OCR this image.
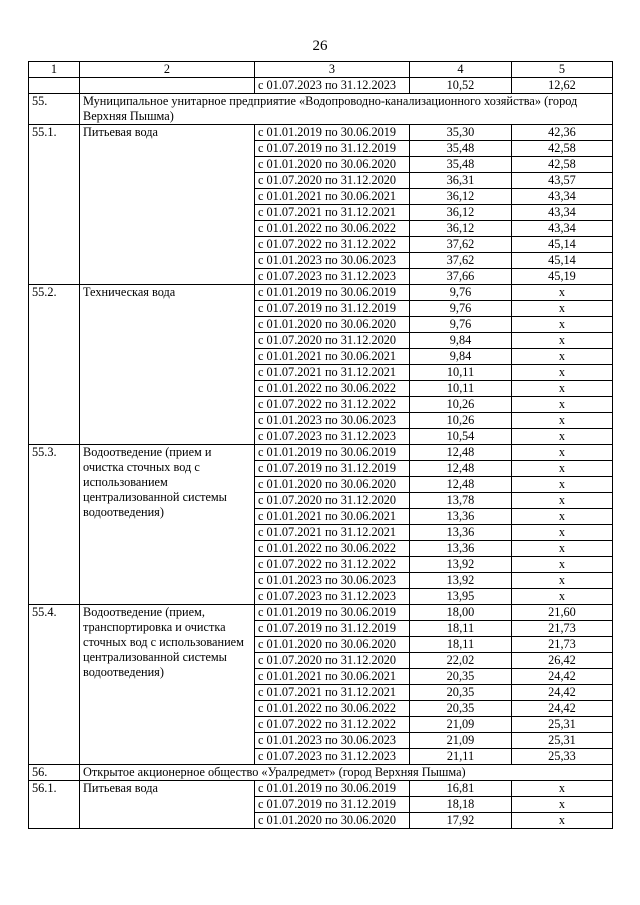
26
1	2	3	4	5
		с 01.07.2023 по 31.12.2023	10,52	12,62
55.	Муниципальное унитарное предприятие «Водопроводно-канализационного хозяйства» (город Верхняя Пышма)			
55.1.	Питьевая вода	с 01.01.2019 по 30.06.2019	35,30	42,36
		с 01.07.2019 по 31.12.2019	35,48	42,58
		с 01.01.2020 по 30.06.2020	35,48	42,58
		с 01.07.2020 по 31.12.2020	36,31	43,57
		с 01.01.2021 по 30.06.2021	36,12	43,34
		с 01.07.2021 по 31.12.2021	36,12	43,34
		с 01.01.2022 по 30.06.2022	36,12	43,34
		с 01.07.2022 по 31.12.2022	37,62	45,14
		с 01.01.2023 по 30.06.2023	37,62	45,14
		с 01.07.2023 по 31.12.2023	37,66	45,19
55.2.	Техническая вода	с 01.01.2019 по 30.06.2019	9,76	x
		с 01.07.2019 по 31.12.2019	9,76	x
		с 01.01.2020 по 30.06.2020	9,76	x
		с 01.07.2020 по 31.12.2020	9,84	x
		с 01.01.2021 по 30.06.2021	9,84	x
		с 01.07.2021 по 31.12.2021	10,11	x
		с 01.01.2022 по 30.06.2022	10,11	x
		с 01.07.2022 по 31.12.2022	10,26	x
		с 01.01.2023 по 30.06.2023	10,26	x
		с 01.07.2023 по 31.12.2023	10,54	x
55.3.	Водоотведение (прием и очистка сточных вод с использованием централизованной системы водоотведения)	с 01.01.2019 по 30.06.2019	12,48	x
		с 01.07.2019 по 31.12.2019	12,48	x
		с 01.01.2020 по 30.06.2020	12,48	x
		с 01.07.2020 по 31.12.2020	13,78	x
		с 01.01.2021 по 30.06.2021	13,36	x
		с 01.07.2021 по 31.12.2021	13,36	x
		с 01.01.2022 по 30.06.2022	13,36	x
		с 01.07.2022 по 31.12.2022	13,92	x
		с 01.01.2023 по 30.06.2023	13,92	x
		с 01.07.2023 по 31.12.2023	13,95	x
55.4.	Водоотведение (прием, транспортировка и очистка сточных вод с использованием централизованной системы водоотведения)	с 01.01.2019 по 30.06.2019	18,00	21,60
		с 01.07.2019 по 31.12.2019	18,11	21,73
		с 01.01.2020 по 30.06.2020	18,11	21,73
		с 01.07.2020 по 31.12.2020	22,02	26,42
		с 01.01.2021 по 30.06.2021	20,35	24,42
		с 01.07.2021 по 31.12.2021	20,35	24,42
		с 01.01.2022 по 30.06.2022	20,35	24,42
		с 01.07.2022 по 31.12.2022	21,09	25,31
		с 01.01.2023 по 30.06.2023	21,09	25,31
		с 01.07.2023 по 31.12.2023	21,11	25,33
56.	Открытое акционерное общество «Уралредмет» (город Верхняя Пышма)			
56.1.	Питьевая вода	с 01.01.2019 по 30.06.2019	16,81	x
		с 01.07.2019 по 31.12.2019	18,18	x
		с 01.01.2020 по 30.06.2020	17,92	x
